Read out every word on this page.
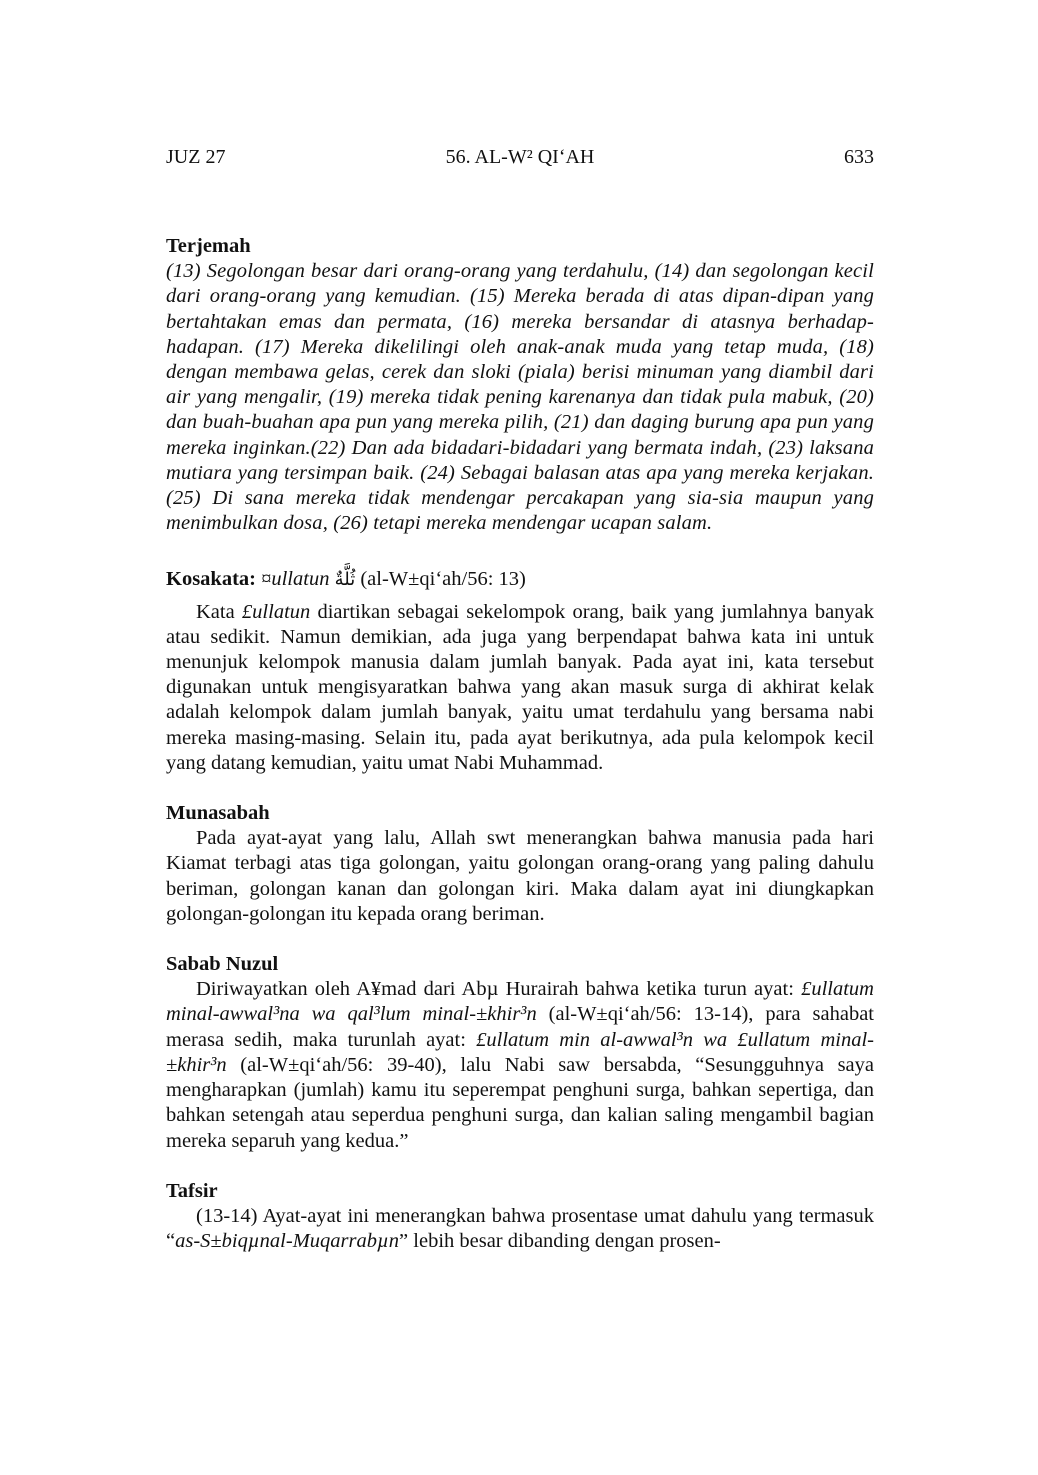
JUZ 27	56. AL-W² QI‘AH	633
Terjemah

(13) Segolongan besar dari orang-orang yang terdahulu, (14) dan segolongan kecil dari orang-orang yang kemudian. (15) Mereka berada di atas dipan-dipan yang bertahtakan emas dan permata, (16) mereka bersandar di atasnya berhadap-hadapan. (17) Mereka dikelilingi oleh anak-anak muda yang tetap muda, (18) dengan membawa gelas, cerek dan sloki (piala) berisi minuman yang diambil dari air yang mengalir, (19) mereka tidak pening karenanya dan tidak pula mabuk, (20) dan buah-buahan apa pun yang mereka pilih, (21) dan daging burung apa pun yang mereka inginkan.(22) Dan ada bidadari-bidadari yang bermata indah, (23) laksana mutiara yang tersimpan baik. (24) Sebagai balasan atas apa yang mereka kerjakan. (25) Di sana mereka tidak mendengar percakapan yang sia-sia maupun yang menimbulkan dosa, (26) tetapi mereka mendengar ucapan salam.

Kosakata: ¤ullatun ثُلَّةٌ (al-W±qi‘ah/56: 13)

Kata £ullatun diartikan sebagai sekelompok orang, baik yang jumlahnya banyak atau sedikit. Namun demikian, ada juga yang berpendapat bahwa kata ini untuk menunjuk kelompok manusia dalam jumlah banyak. Pada ayat ini, kata tersebut digunakan untuk mengisyaratkan bahwa yang akan masuk surga di akhirat kelak adalah kelompok dalam jumlah banyak, yaitu umat terdahulu yang bersama nabi mereka masing-masing. Selain itu, pada ayat berikutnya, ada pula kelompok kecil yang datang kemudian, yaitu umat Nabi Muhammad.

Munasabah

Pada ayat-ayat yang lalu, Allah swt menerangkan bahwa manusia pada hari Kiamat terbagi atas tiga golongan, yaitu golongan orang-orang yang paling dahulu beriman, golongan kanan dan golongan kiri. Maka dalam ayat ini diungkapkan golongan-golongan itu kepada orang beriman.

Sabab Nuzul

Diriwayatkan oleh A¥mad dari Abµ Hurairah bahwa ketika turun ayat: £ullatum minal-awwal³na wa qal³lum minal-±khir³n (al-W±qi‘ah/56: 13-14), para sahabat merasa sedih, maka turunlah ayat: £ullatum min al-awwal³n wa £ullatum minal-±khir³n (al-W±qi‘ah/56: 39-40), lalu Nabi saw bersabda, “Sesungguhnya saya mengharapkan (jumlah) kamu itu seperempat penghuni surga, bahkan sepertiga, dan bahkan setengah atau seperdua penghuni surga, dan kalian saling mengambil bagian mereka separuh yang kedua.”

Tafsir

(13-14) Ayat-ayat ini menerangkan bahwa prosentase umat dahulu yang termasuk “as-S±biqµnal-Muqarrabµn” lebih besar dibanding dengan prosen-
